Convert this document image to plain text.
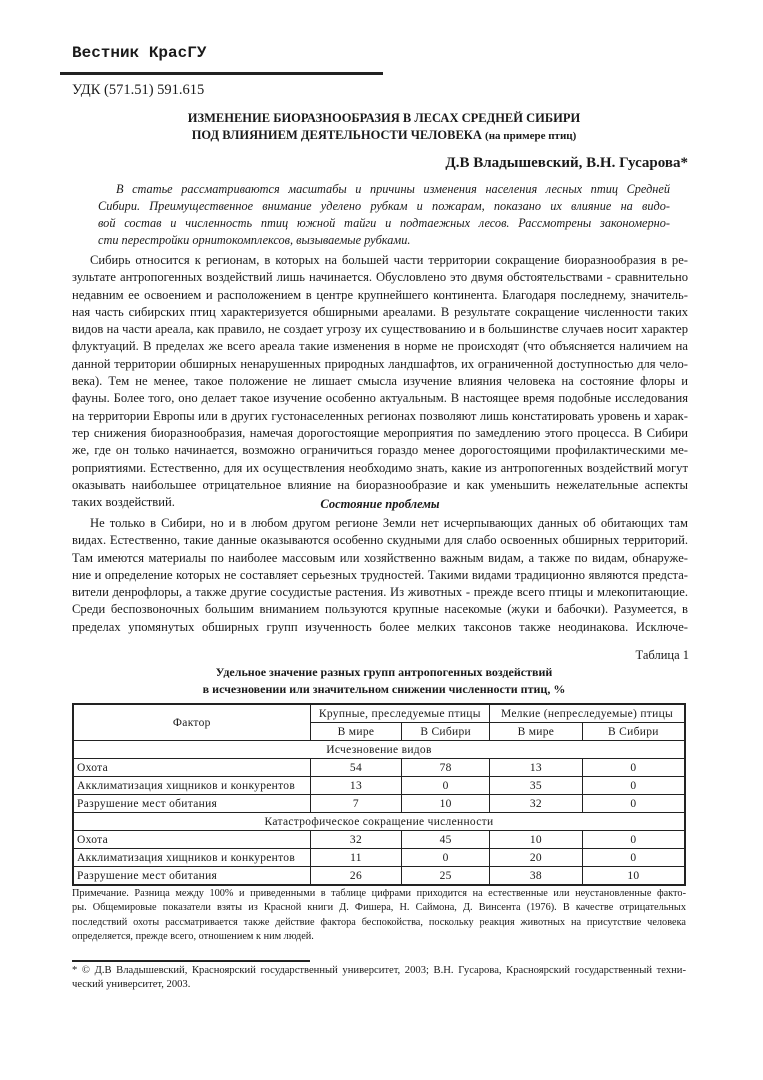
Вестник КрасГУ
УДК (571.51) 591.615
ИЗМЕНЕНИЕ БИОРАЗНООБРАЗИЯ В ЛЕСАХ СРЕДНЕЙ СИБИРИ
ПОД ВЛИЯНИЕМ ДЕЯТЕЛЬНОСТИ ЧЕЛОВЕКА (на примере птиц)
Д.В Владышевский, В.Н. Гусарова*
В статье рассматриваются масштабы и причины изменения населения лесных птиц Средней
Сибири. Преимущественное внимание уделено рубкам и пожарам, показано их влияние на видо-
вой состав и численность птиц южной тайги и подтаежных лесов. Рассмотрены закономерно-
сти перестройки орнитокомплексов, вызываемые рубками.
Сибирь относится к регионам, в которых на большей части территории сокращение биоразнообразия в ре-
зультате антропогенных воздействий лишь начинается. Обусловлено это двумя обстоятельствами - сравнительно
недавним ее освоением и расположением в центре крупнейшего континента. Благодаря последнему, значитель-
ная часть сибирских птиц характеризуется обширными ареалами. В результате сокращение численности таких
видов на части ареала, как правило, не создает угрозу их существованию и в большинстве случаев носит характер
флуктуаций. В пределах же всего ареала такие изменения в норме не происходят (что объясняется наличием на
данной территории обширных ненарушенных природных ландшафтов, их ограниченной доступностью для чело-
века). Тем не менее, такое положение не лишает смысла изучение влияния человека на состояние флоры и
фауны. Более того, оно делает такое изучение особенно актуальным. В настоящее время подобные исследования
на территории Европы или в других густонаселенных регионах позволяют лишь констатировать уровень и харак-
тер снижения биоразнообразия, намечая дорогостоящие мероприятия по замедлению этого процесса. В Сибири
же, где он только начинается, возможно ограничиться гораздо менее дорогостоящими профилактическими ме-
роприятиями. Естественно, для их осуществления необходимо знать, какие из антропогенных воздействий могут
оказывать наибольшее отрицательное влияние на биоразнообразие и как уменьшить нежелательные аспекты
таких воздействий.	Состояние проблемы
Не только в Сибири, но и в любом другом регионе Земли нет исчерпывающих данных об обитающих там
видах. Естественно, такие данные оказываются особенно скудными для слабо освоенных обширных территорий.
Там имеются материалы по наиболее массовым или хозяйственно важным видам, а также по видам, обнаруже-
ние и определение которых не составляет серьезных трудностей. Такими видами традиционно являются предста-
вители денрофлоры, а также другие сосудистые растения. Из животных - прежде всего птицы и млекопитающие.
Среди беспозвоночных большим вниманием пользуются крупные насекомые (жуки и бабочки). Разумеется, в
пределах упомянутых обширных групп изученность более мелких таксонов также неодинакова. Исключе-
Таблица 1
Удельное значение разных групп антропогенных воздействий
в исчезновении или значительном снижении численности птиц, %
Фактор	Крупные, преследуемые птицы		Мелкие (непреследуемые) птицы	
	В мире	В Сибири	В мире	В Сибири
Исчезновение видов				
Охота	54	78	13	0
Акклиматизация хищников и конкурентов	13	0	35	0
Разрушение мест обитания	7	10	32	0
Катастрофическое сокращение численности				
Охота	32	45	10	0
Акклиматизация хищников и конкурентов	11	0	20	0
Разрушение мест обитания	26	25	38	10
Примечание. Разница между 100% и приведенными в таблице цифрами приходится на естественные или неустановленные факто-
ры. Общемировые показатели взяты из Красной книги Д. Фишера, Н. Саймона, Д. Винсента (1976). В качестве отрицательных
последствий охоты рассматривается также действие фактора беспокойства, поскольку реакция животных на присутствие человека
определяется, прежде всего, отношением к ним людей.
* © Д.В Владышевский, Красноярский государственный университет, 2003; В.Н. Гусарова, Красноярский государственный техни-
ческий университет, 2003.
